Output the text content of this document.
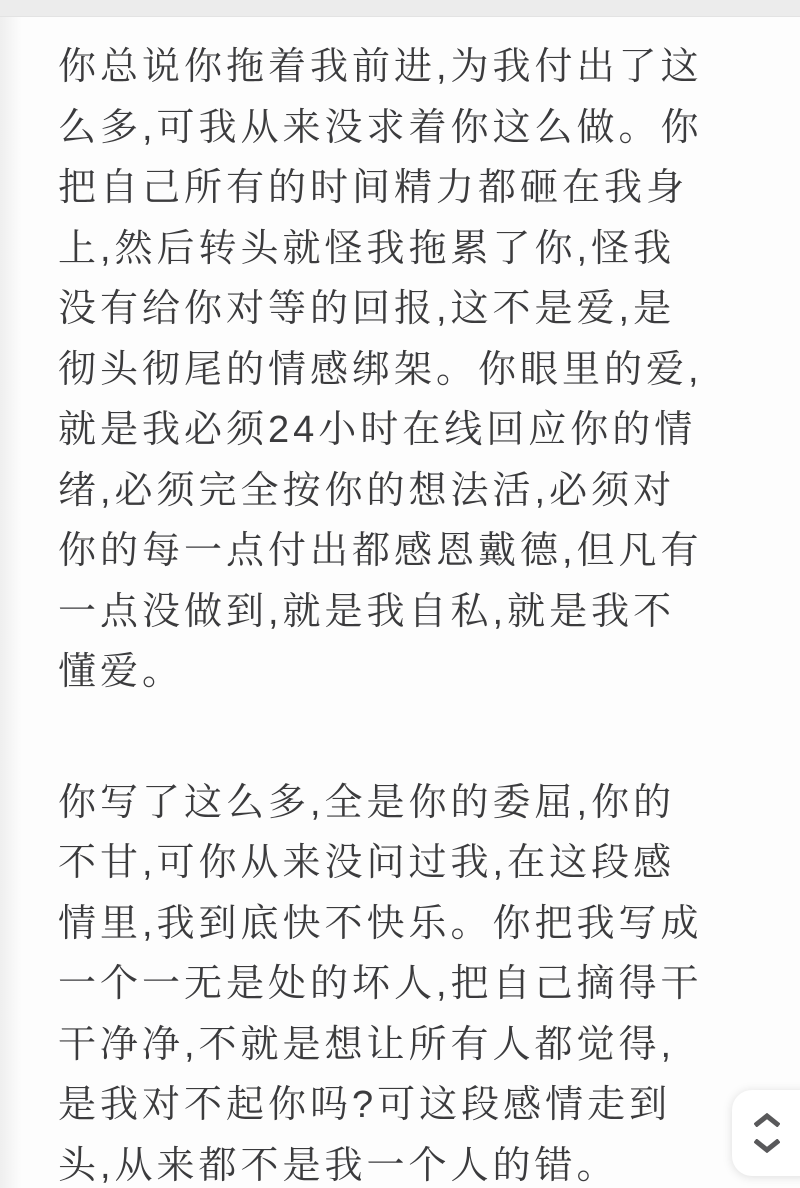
你总说你拖着我前进,为我付出了这
么多,可我从来没求着你这么做。你
把自己所有的时间精力都砸在我身
上,然后转头就怪我拖累了你,怪我
没有给你对等的回报,这不是爱,是
彻头彻尾的情感绑架。你眼里的爱,
就是我必须24小时在线回应你的情
绪,必须完全按你的想法活,必须对
你的每一点付出都感恩戴德,但凡有
一点没做到,就是我自私,就是我不
懂爱。
你写了这么多,全是你的委屈,你的
不甘,可你从来没问过我,在这段感
情里,我到底快不快乐。你把我写成
一个一无是处的坏人,把自己摘得干
干净净,不就是想让所有人都觉得,
是我对不起你吗?可这段感情走到
头,从来都不是我一个人的错。
